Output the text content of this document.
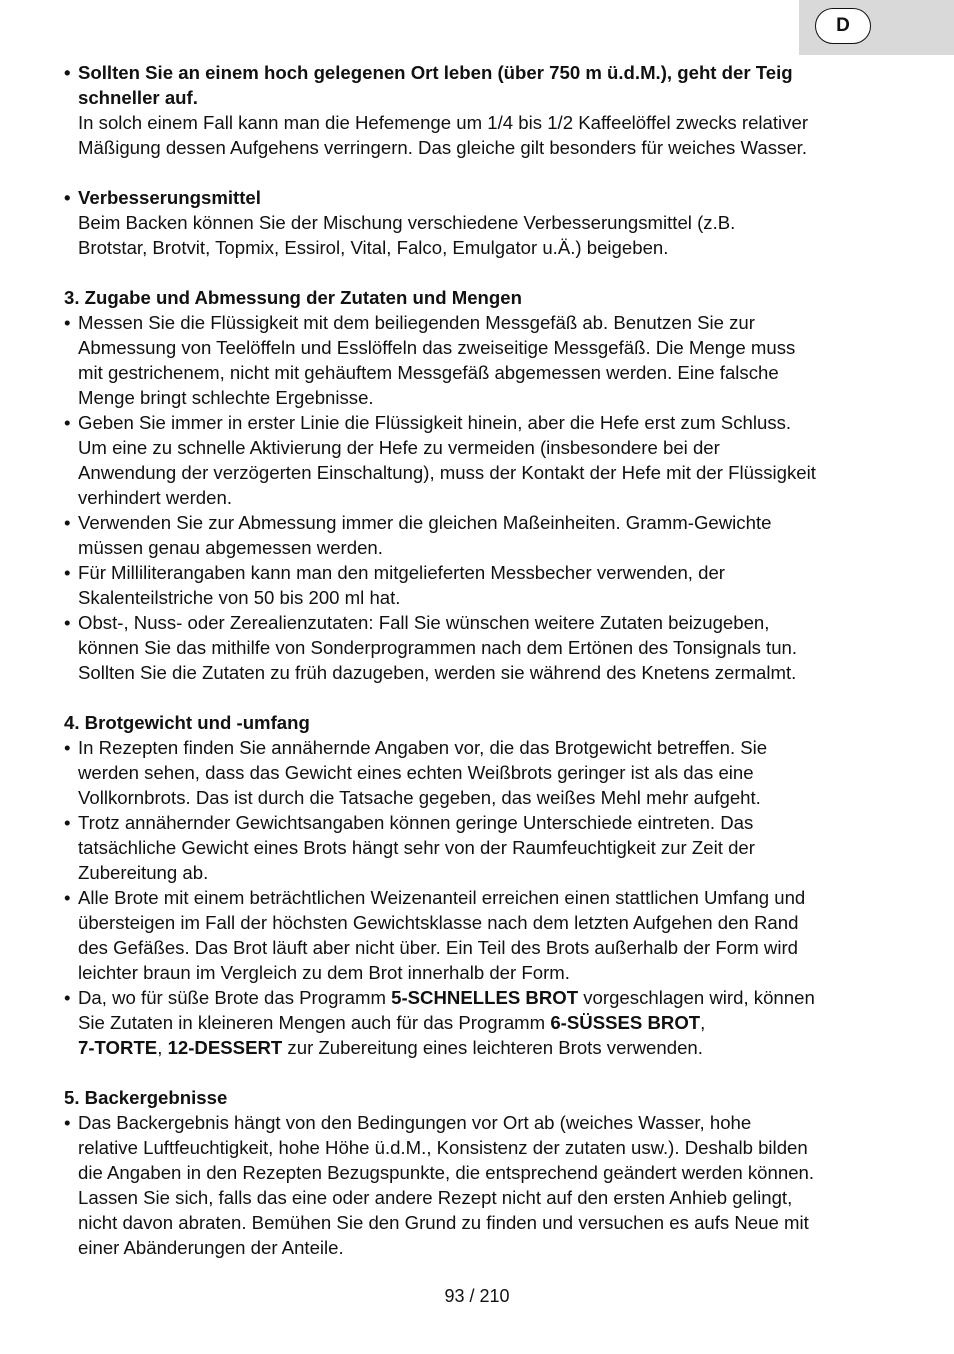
D
• Sollten Sie an einem hoch gelegenen Ort leben (über 750 m ü.d.M.), geht der Teig
schneller auf.
In solch einem Fall kann man die Hefemenge um 1/4 bis 1/2 Kaffeelöffel zwecks relativer
Mäßigung dessen Aufgehens verringern. Das gleiche gilt besonders für weiches Wasser.
• Verbesserungsmittel
Beim Backen können Sie der Mischung verschiedene Verbesserungsmittel (z.B.
Brotstar, Brotvit, Topmix, Essirol, Vital, Falco, Emulgator u.Ä.) beigeben.
3. Zugabe und Abmessung der Zutaten und Mengen
• Messen Sie die Flüssigkeit mit dem beiliegenden Messgefäß ab. Benutzen Sie zur
Abmessung von Teelöffeln und Esslöffeln das zweiseitige Messgefäß. Die Menge muss
mit gestrichenem, nicht mit gehäuftem Messgefäß abgemessen werden. Eine falsche
Menge bringt schlechte Ergebnisse.
• Geben Sie immer in erster Linie die Flüssigkeit hinein, aber die Hefe erst zum Schluss.
Um eine zu schnelle Aktivierung der Hefe zu vermeiden (insbesondere bei der
Anwendung der verzögerten Einschaltung), muss der Kontakt der Hefe mit der Flüssigkeit
verhindert werden.
• Verwenden Sie zur Abmessung immer die gleichen Maßeinheiten. Gramm-Gewichte
müssen genau abgemessen werden.
• Für Milliliterangaben kann man den mitgelieferten Messbecher verwenden, der
Skalenteilstriche von 50 bis 200 ml hat.
• Obst-, Nuss- oder Zerealienzutaten: Fall Sie wünschen weitere Zutaten beizugeben,
können Sie das mithilfe von Sonderprogrammen nach dem Ertönen des Tonsignals tun.
Sollten Sie die Zutaten zu früh dazugeben, werden sie während des Knetens zermalmt.
4. Brotgewicht und -umfang
• In Rezepten finden Sie annähernde Angaben vor, die das Brotgewicht betreffen. Sie
werden sehen, dass das Gewicht eines echten Weißbrots geringer ist als das eine
Vollkornbrots. Das ist durch die Tatsache gegeben, das weißes Mehl mehr aufgeht.
• Trotz annähernder Gewichtsangaben können geringe Unterschiede eintreten. Das
tatsächliche Gewicht eines Brots hängt sehr von der Raumfeuchtigkeit zur Zeit der
Zubereitung ab.
• Alle Brote mit einem beträchtlichen Weizenanteil erreichen einen stattlichen Umfang und
übersteigen im Fall der höchsten Gewichtsklasse nach dem letzten Aufgehen den Rand
des Gefäßes. Das Brot läuft aber nicht über. Ein Teil des Brots außerhalb der Form wird
leichter braun im Vergleich zu dem Brot innerhalb der Form.
• Da, wo für süße Brote das Programm 5-SCHNELLES BROT vorgeschlagen wird, können
Sie Zutaten in kleineren Mengen auch für das Programm 6-SÜSSES BROT,
7-TORTE, 12-DESSERT zur Zubereitung eines leichteren Brots verwenden.
5. Backergebnisse
• Das Backergebnis hängt von den Bedingungen vor Ort ab (weiches Wasser, hohe
relative Luftfeuchtigkeit, hohe Höhe ü.d.M., Konsistenz der zutaten usw.). Deshalb bilden
die Angaben in den Rezepten Bezugspunkte, die entsprechend geändert werden können.
Lassen Sie sich, falls das eine oder andere Rezept nicht auf den ersten Anhieb gelingt,
nicht davon abraten. Bemühen Sie den Grund zu finden und versuchen es aufs Neue mit
einer Abänderungen der Anteile.
93 / 210
